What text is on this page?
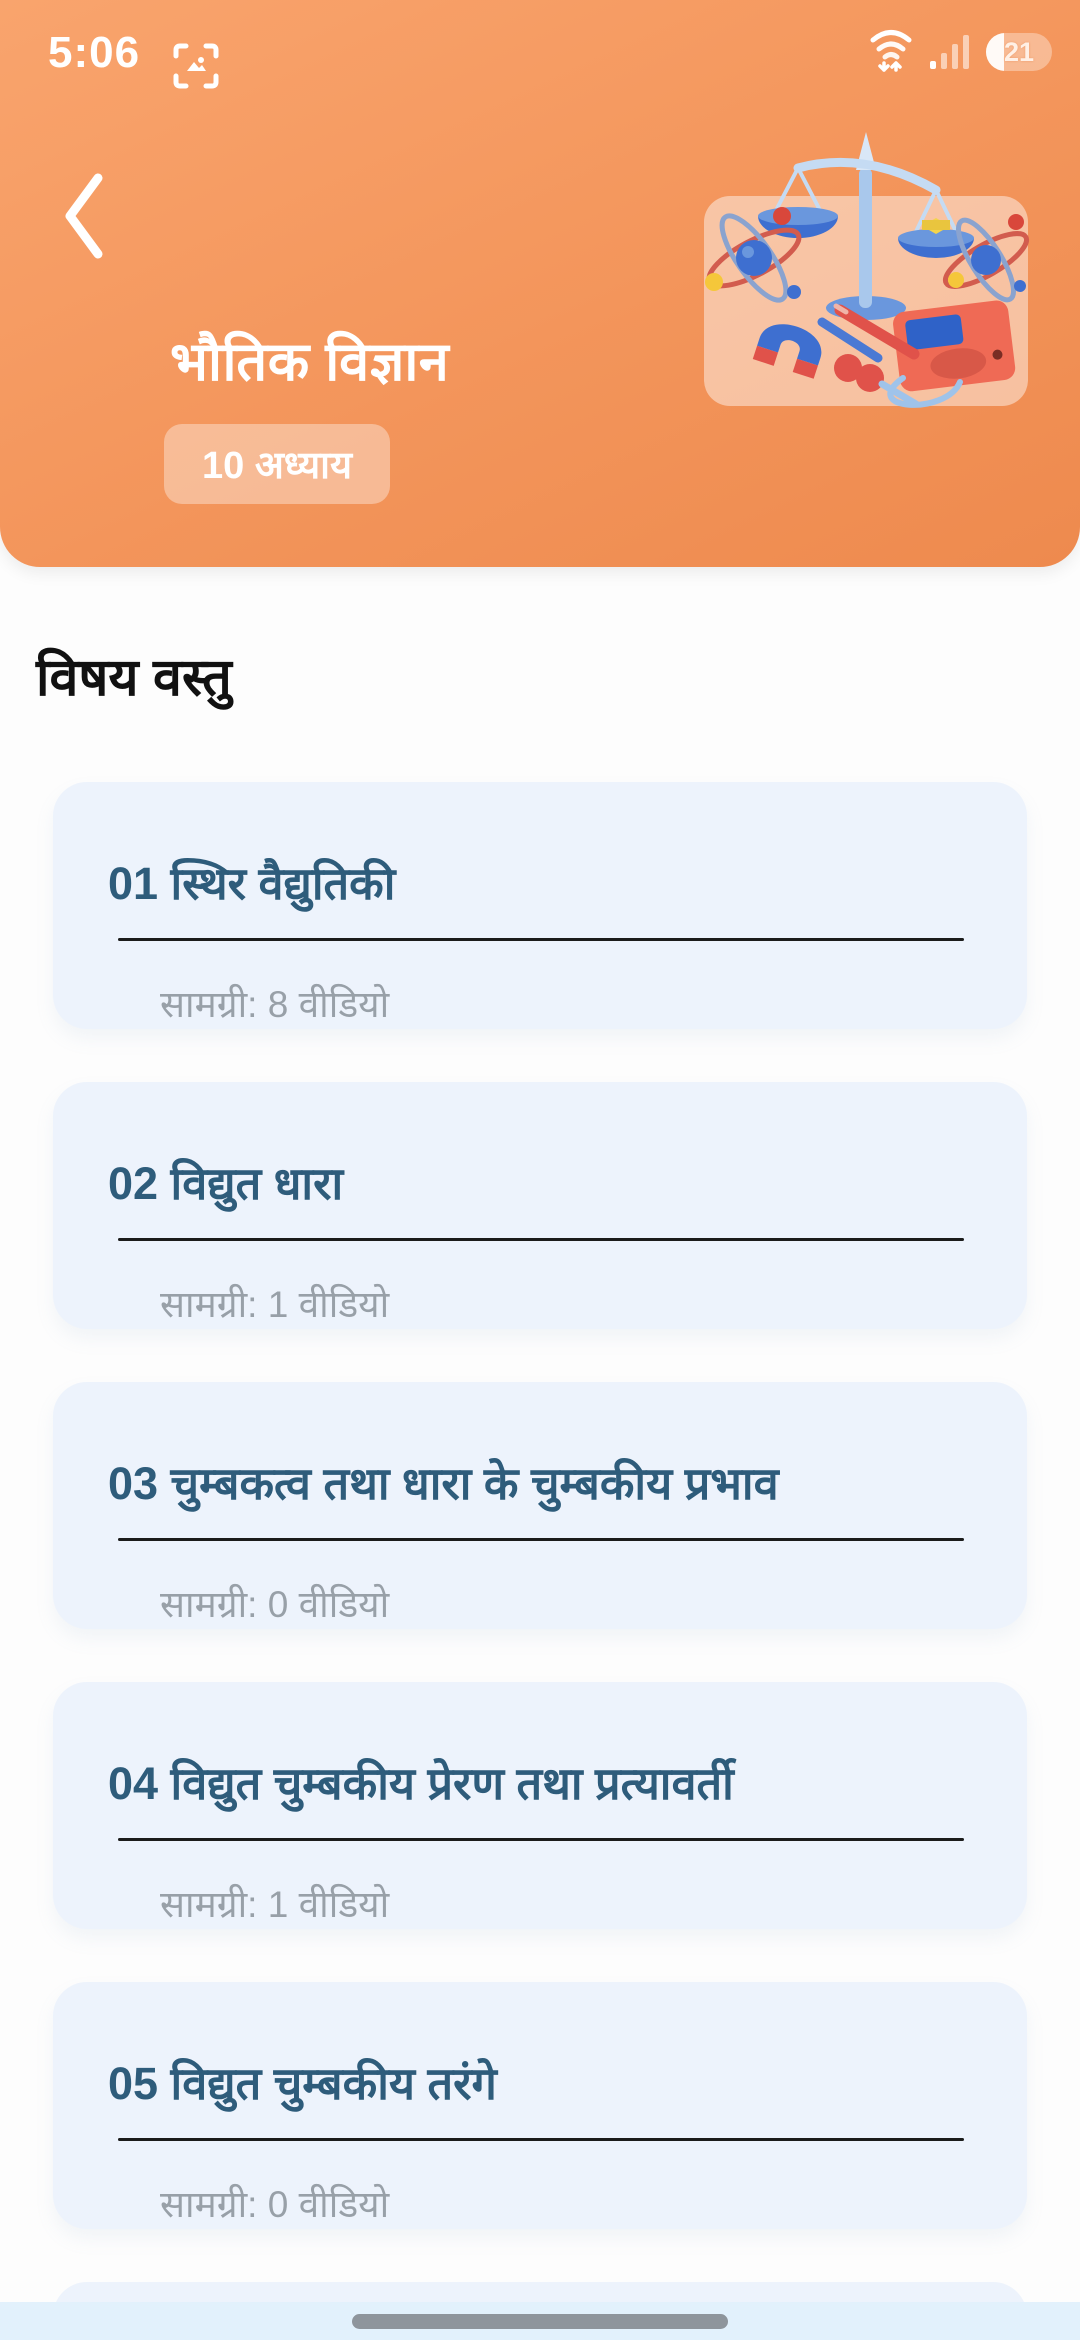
5:06	21
भौतिक विज्ञान
10 अध्याय
विषय वस्तु
01 स्थिर वैद्युतिकी
सामग्री: 8 वीडियो
02 विद्युत धारा
सामग्री: 1 वीडियो
03 चुम्बकत्व तथा धारा के चुम्बकीय प्रभाव
सामग्री: 0 वीडियो
04 विद्युत चुम्बकीय प्रेरण तथा प्रत्यावर्ती
सामग्री: 1 वीडियो
05 विद्युत चुम्बकीय तरंगे
सामग्री: 0 वीडियो
